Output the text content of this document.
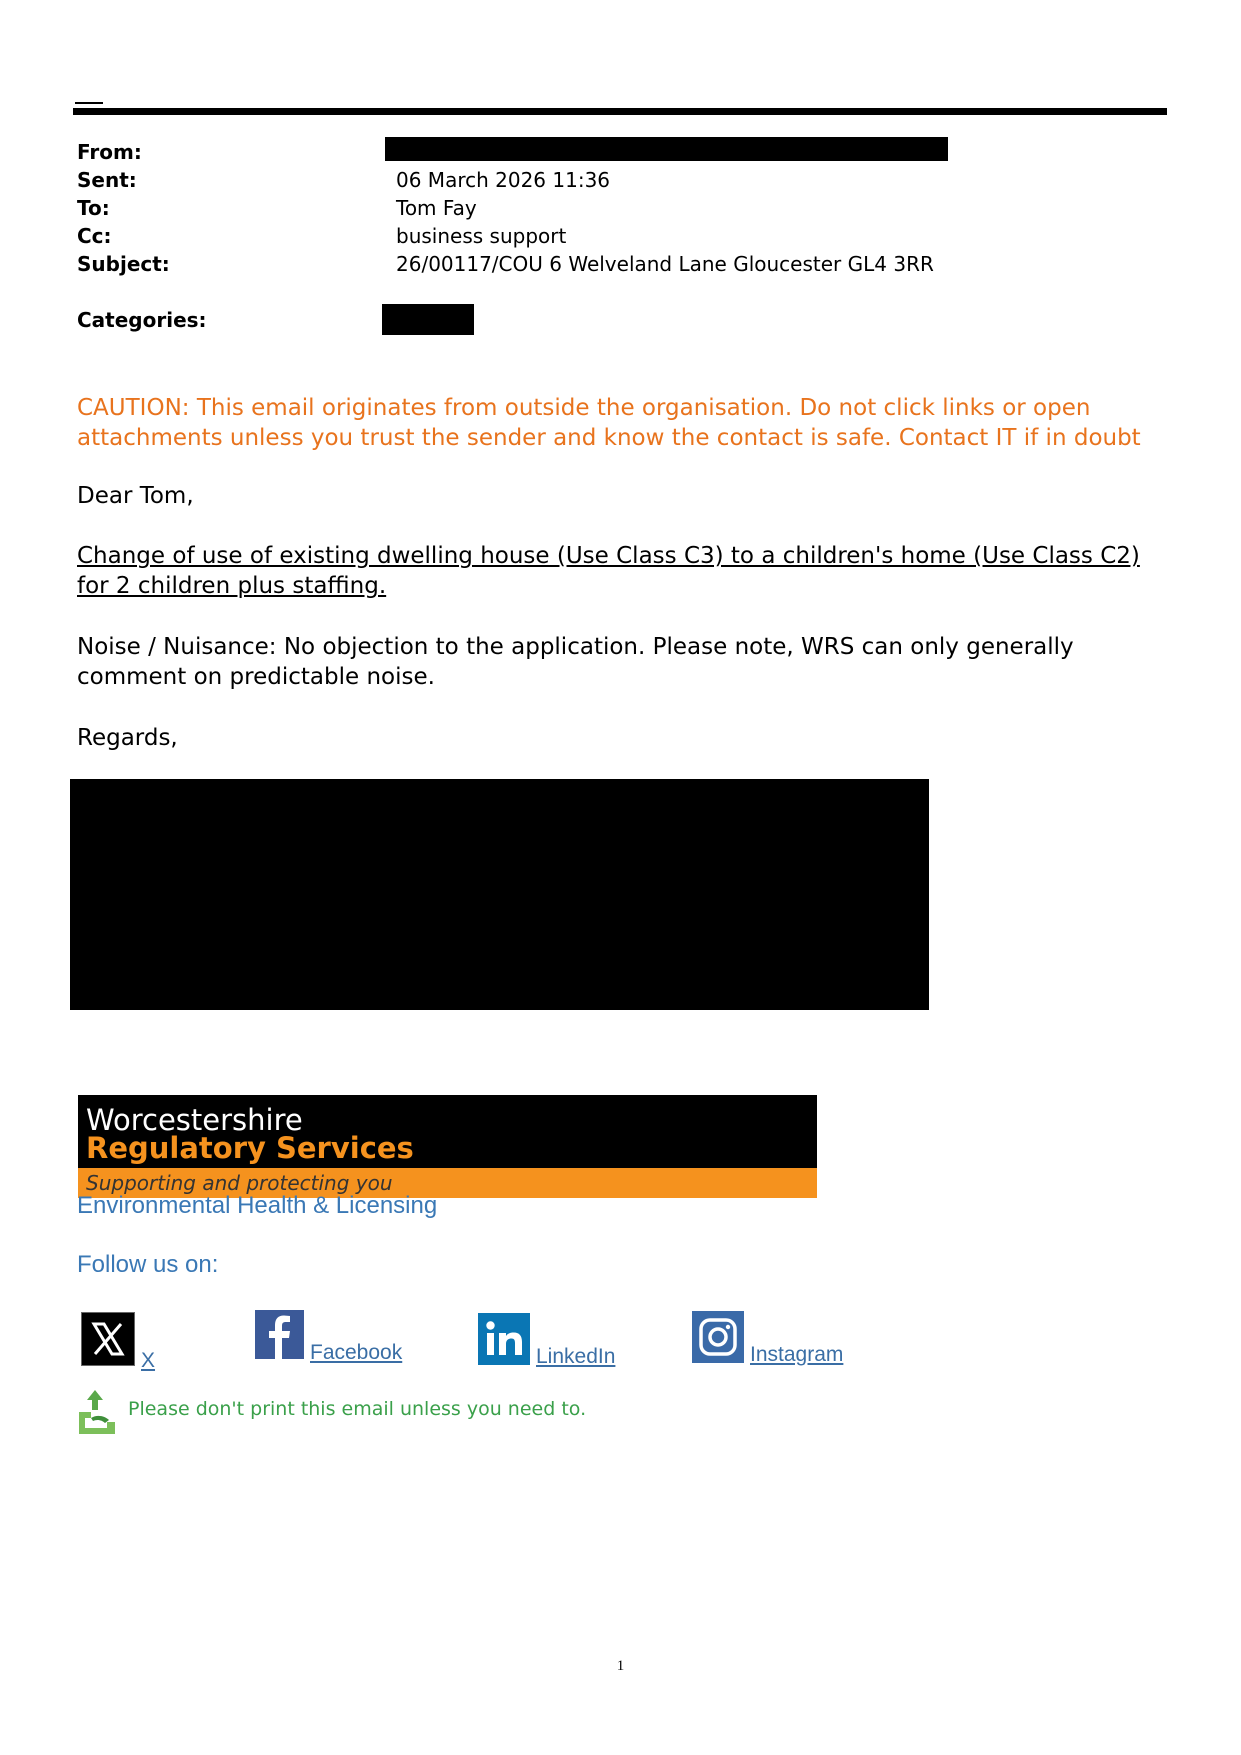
From:
Sent:	06 March 2026 11:36
To:	Tom Fay
Cc:	business support
Subject:	26/00117/COU 6 Welveland Lane Gloucester GL4 3RR
Categories:
CAUTION: This email originates from outside the organisation. Do not click links or open attachments unless you trust the sender and know the contact is safe. Contact IT if in doubt
Dear Tom,
Change of use of existing dwelling house (Use Class C3) to a children's home (Use Class C2) for 2 children plus staffing.
Noise / Nuisance: No objection to the application. Please note, WRS can only generally comment on predictable noise.
Regards,
Worcestershire
Regulatory Services
Supporting and protecting you
Environmental Health & Licensing
Follow us on:
X	Facebook	LinkedIn	Instagram
Please don't print this email unless you need to.
1
